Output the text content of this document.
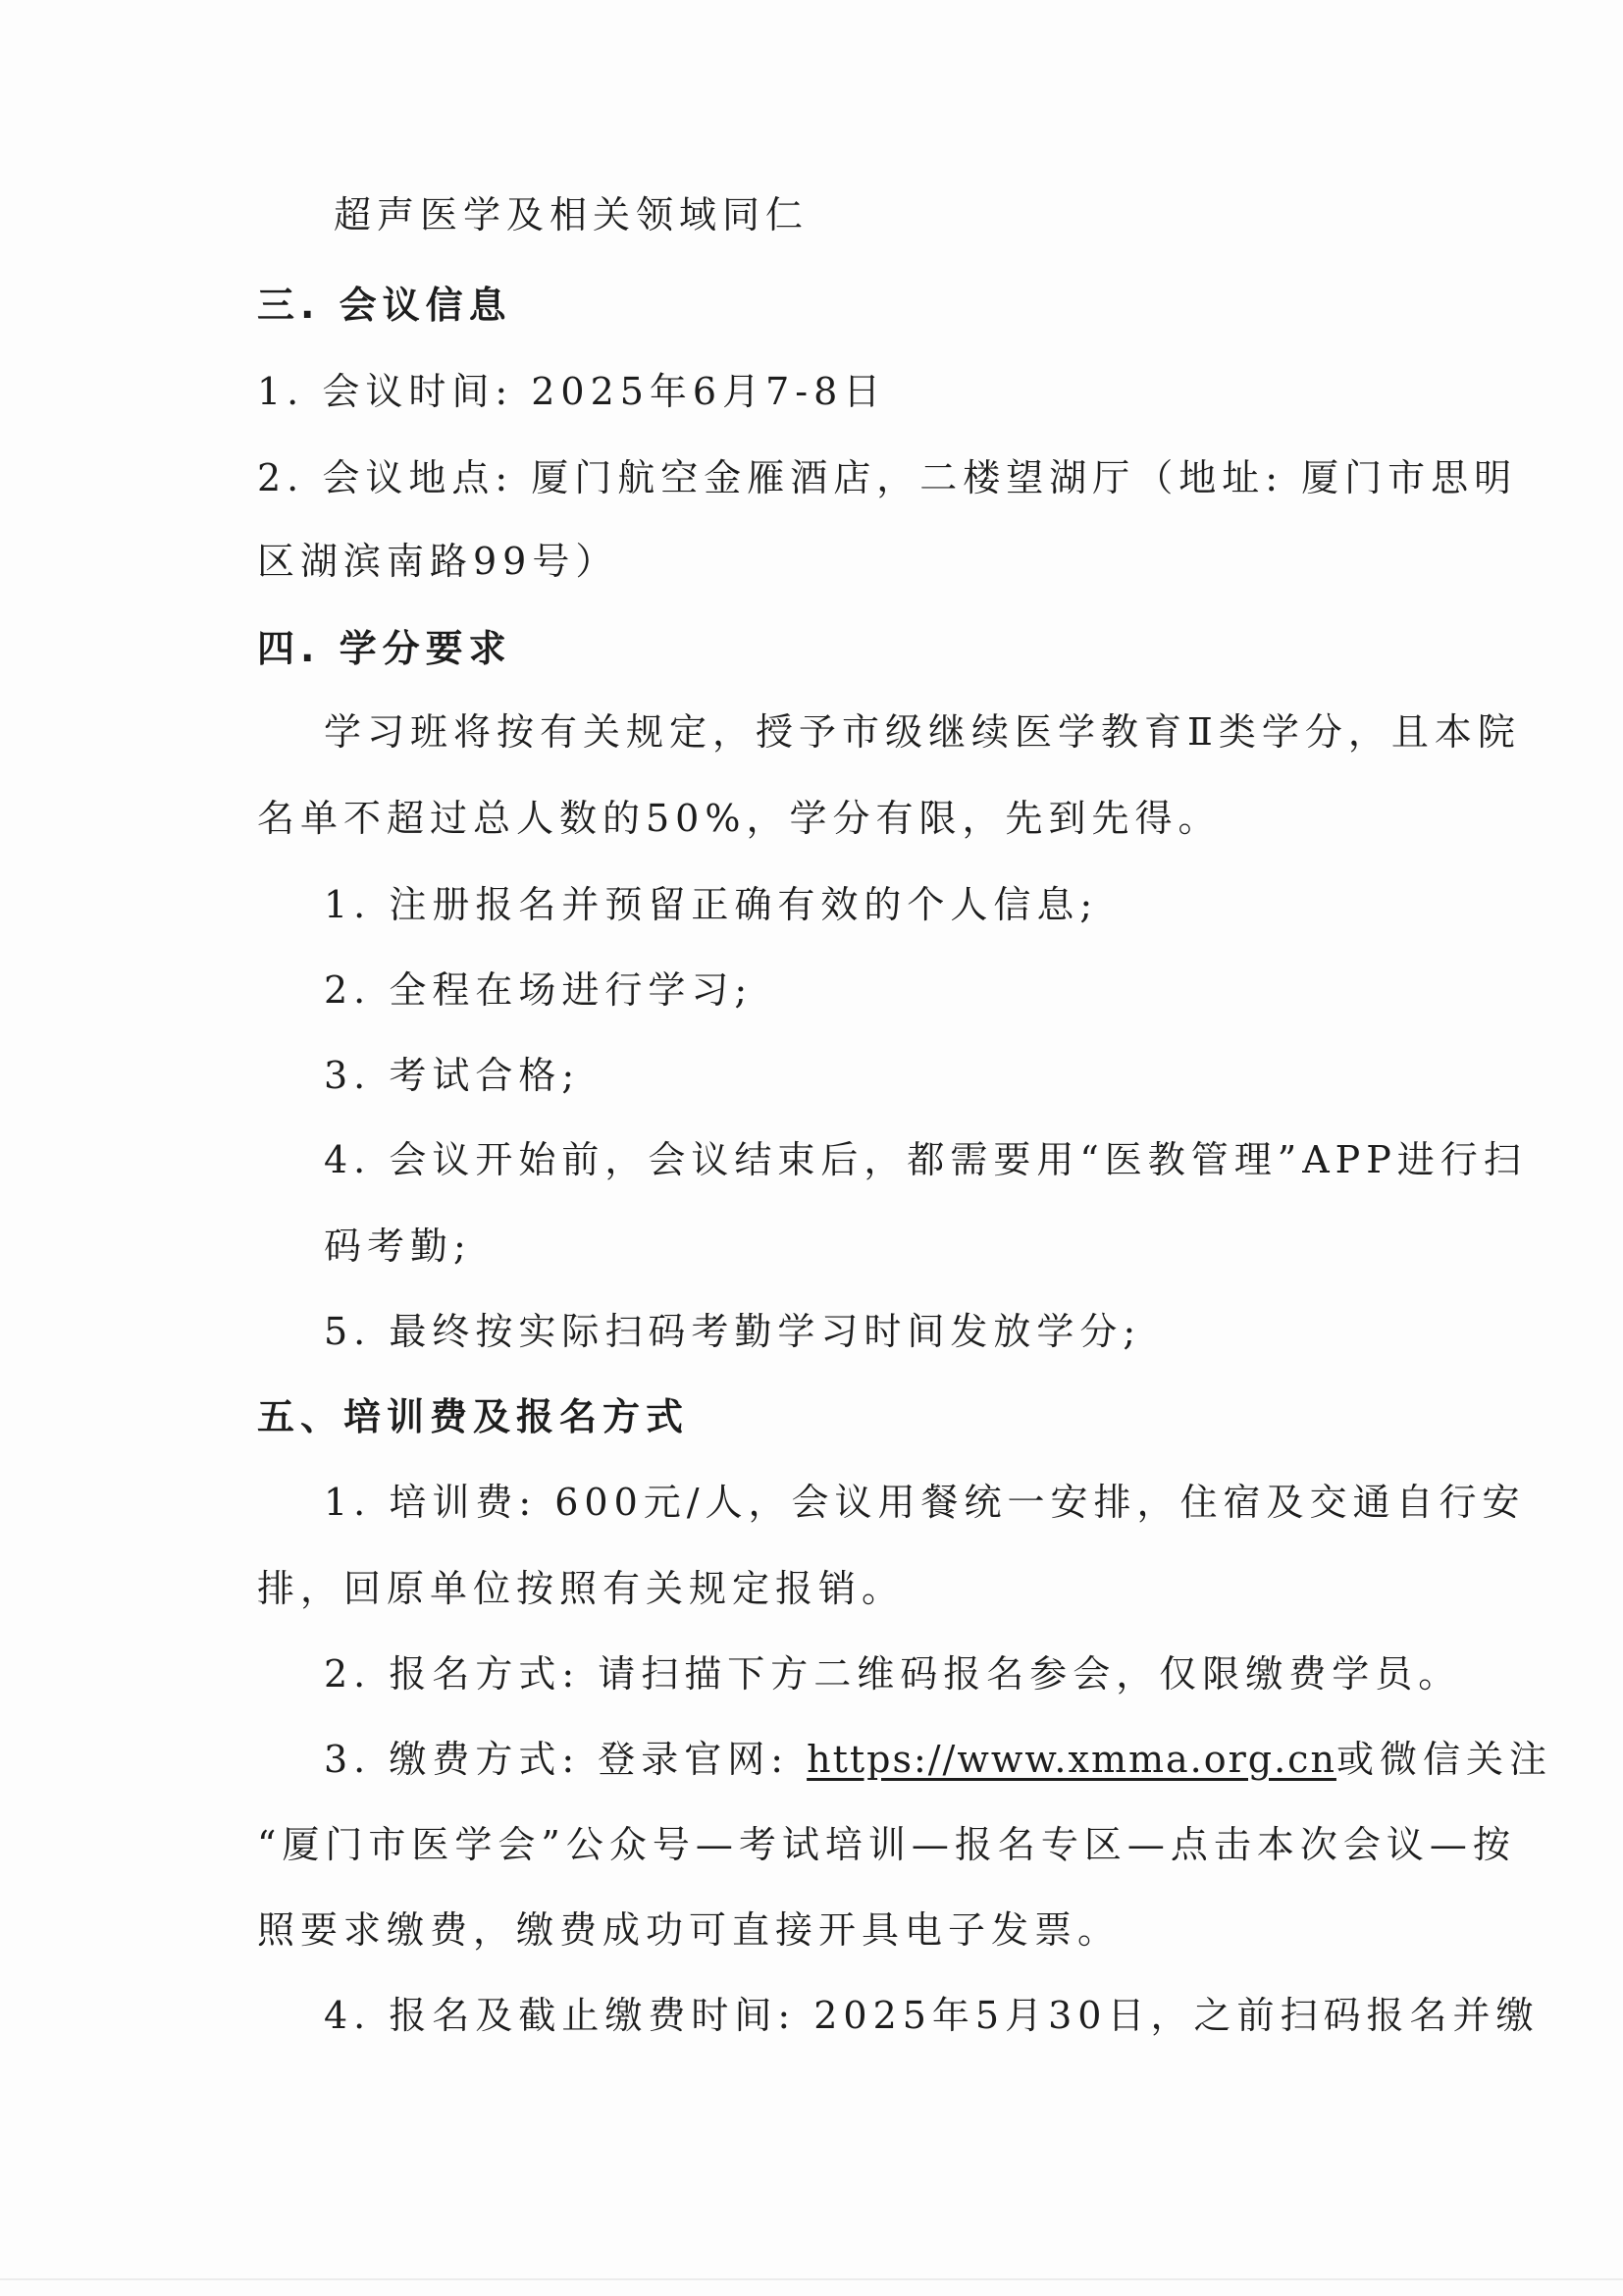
超声医学及相关领域同仁
三. 会议信息
1. 会议时间: 2025年6月7-8日
2. 会议地点: 厦门航空金雁酒店，二楼望湖厅（地址: 厦门市思明
区湖滨南路99号）
四. 学分要求
学习班将按有关规定，授予市级继续医学教育Ⅱ类学分，且本院
名单不超过总人数的50%，学分有限，先到先得。
1. 注册报名并预留正确有效的个人信息;
2. 全程在场进行学习;
3. 考试合格;
4. 会议开始前，会议结束后，都需要用“医教管理”APP进行扫
码考勤;
5. 最终按实际扫码考勤学习时间发放学分;
五、培训费及报名方式
1. 培训费: 600元/人，会议用餐统一安排，住宿及交通自行安
排，回原单位按照有关规定报销。
2. 报名方式: 请扫描下方二维码报名参会，仅限缴费学员。
3. 缴费方式: 登录官网: https://www.xmma.org.cn或微信关注
“厦门市医学会”公众号—考试培训—报名专区—点击本次会议—按
照要求缴费，缴费成功可直接开具电子发票。
4. 报名及截止缴费时间: 2025年5月30日，之前扫码报名并缴
